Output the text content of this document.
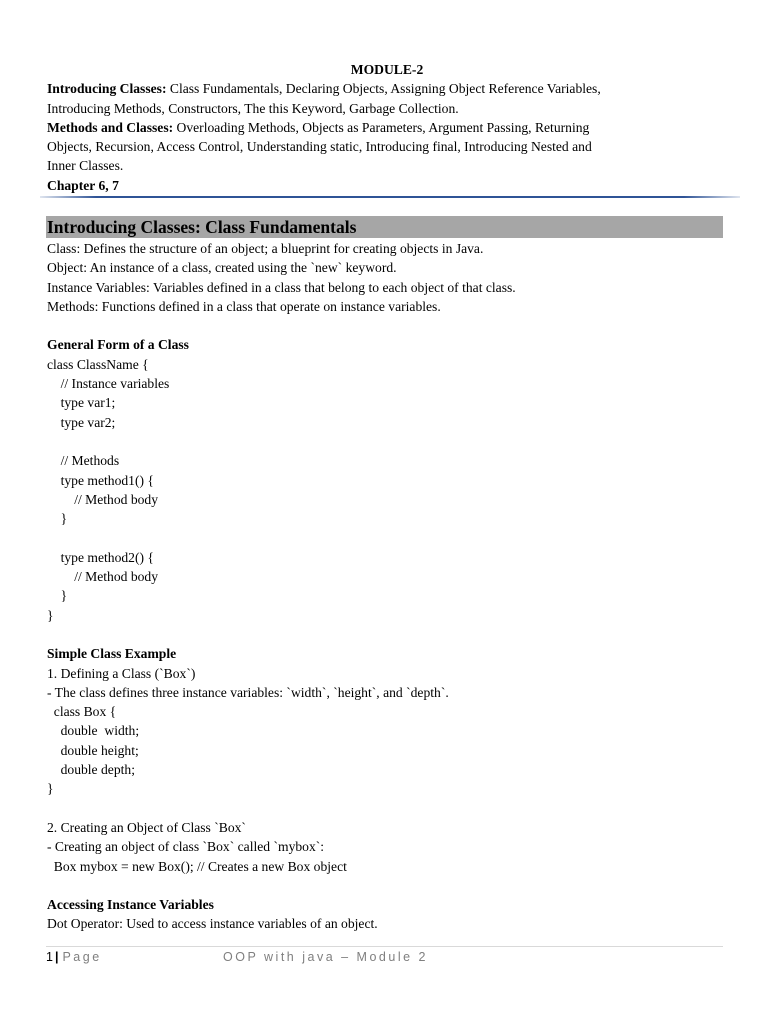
MODULE-2

Introducing Classes: Class Fundamentals, Declaring Objects, Assigning Object Reference Variables,

Introducing Methods, Constructors, The this Keyword, Garbage Collection.

Methods and Classes: Overloading Methods, Objects as Parameters, Argument Passing, Returning

Objects, Recursion, Access Control, Understanding static, Introducing final, Introducing Nested and

Inner Classes.

Chapter 6, 7

Introducing Classes: Class Fundamentals
Class: Defines the structure of an object; a blueprint for creating objects in Java.
Object: An instance of a class, created using the `new` keyword.
Instance Variables: Variables defined in a class that belong to each object of that class.
Methods: Functions defined in a class that operate on instance variables.
General Form of a Class
class ClassName {
// Instance variables
type var1;
type var2;
// Methods
type method1() {
// Method body
}
type method2() {
// Method body
}
}
Simple Class Example
1. Defining a Class (`Box`)
- The class defines three instance variables: `width`, `height`, and `depth`.
class Box {
double  width;
double height;
double depth;
}
2. Creating an Object of Class `Box`
- Creating an object of class `Box` called `mybox`:
Box mybox = new Box(); // Creates a new Box object
Accessing Instance Variables
Dot Operator: Used to access instance variables of an object.
1 | Page	OOP with java – Module 2
